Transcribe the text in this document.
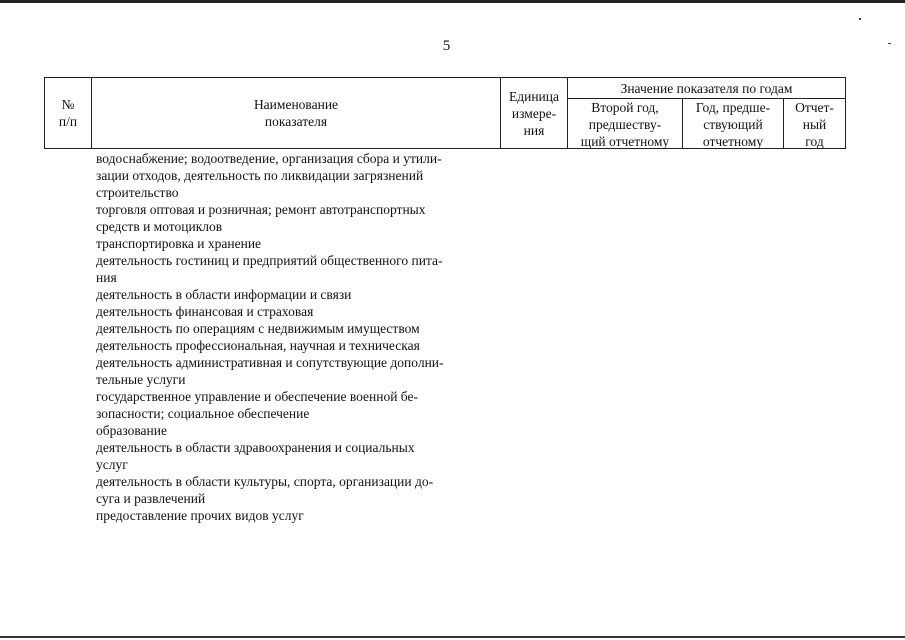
5
№
п/п
Наименование
показателя
Единица
измере-
ния
Значение показателя по годам
Второй год,
предшеству-
щий отчетному
Год, предше-
ствующий
отчетному
Отчет-
ный
год
водоснабжение; водоотведение, организация сбора и утили-
зации отходов, деятельность по ликвидации загрязнений
строительство
торговля оптовая и розничная; ремонт автотранспортных
средств и мотоциклов
транспортировка и хранение
деятельность гостиниц и предприятий общественного пита-
ния
деятельность в области информации и связи
деятельность финансовая и страховая
деятельность по операциям с недвижимым имуществом
деятельность профессиональная, научная и техническая
деятельность административная и сопутствующие дополни-
тельные услуги
государственное управление и обеспечение военной бе-
зопасности; социальное обеспечение
образование
деятельность в области здравоохранения и социальных
услуг
деятельность в области культуры, спорта, организации до-
суга и развлечений
предоставление прочих видов услуг
